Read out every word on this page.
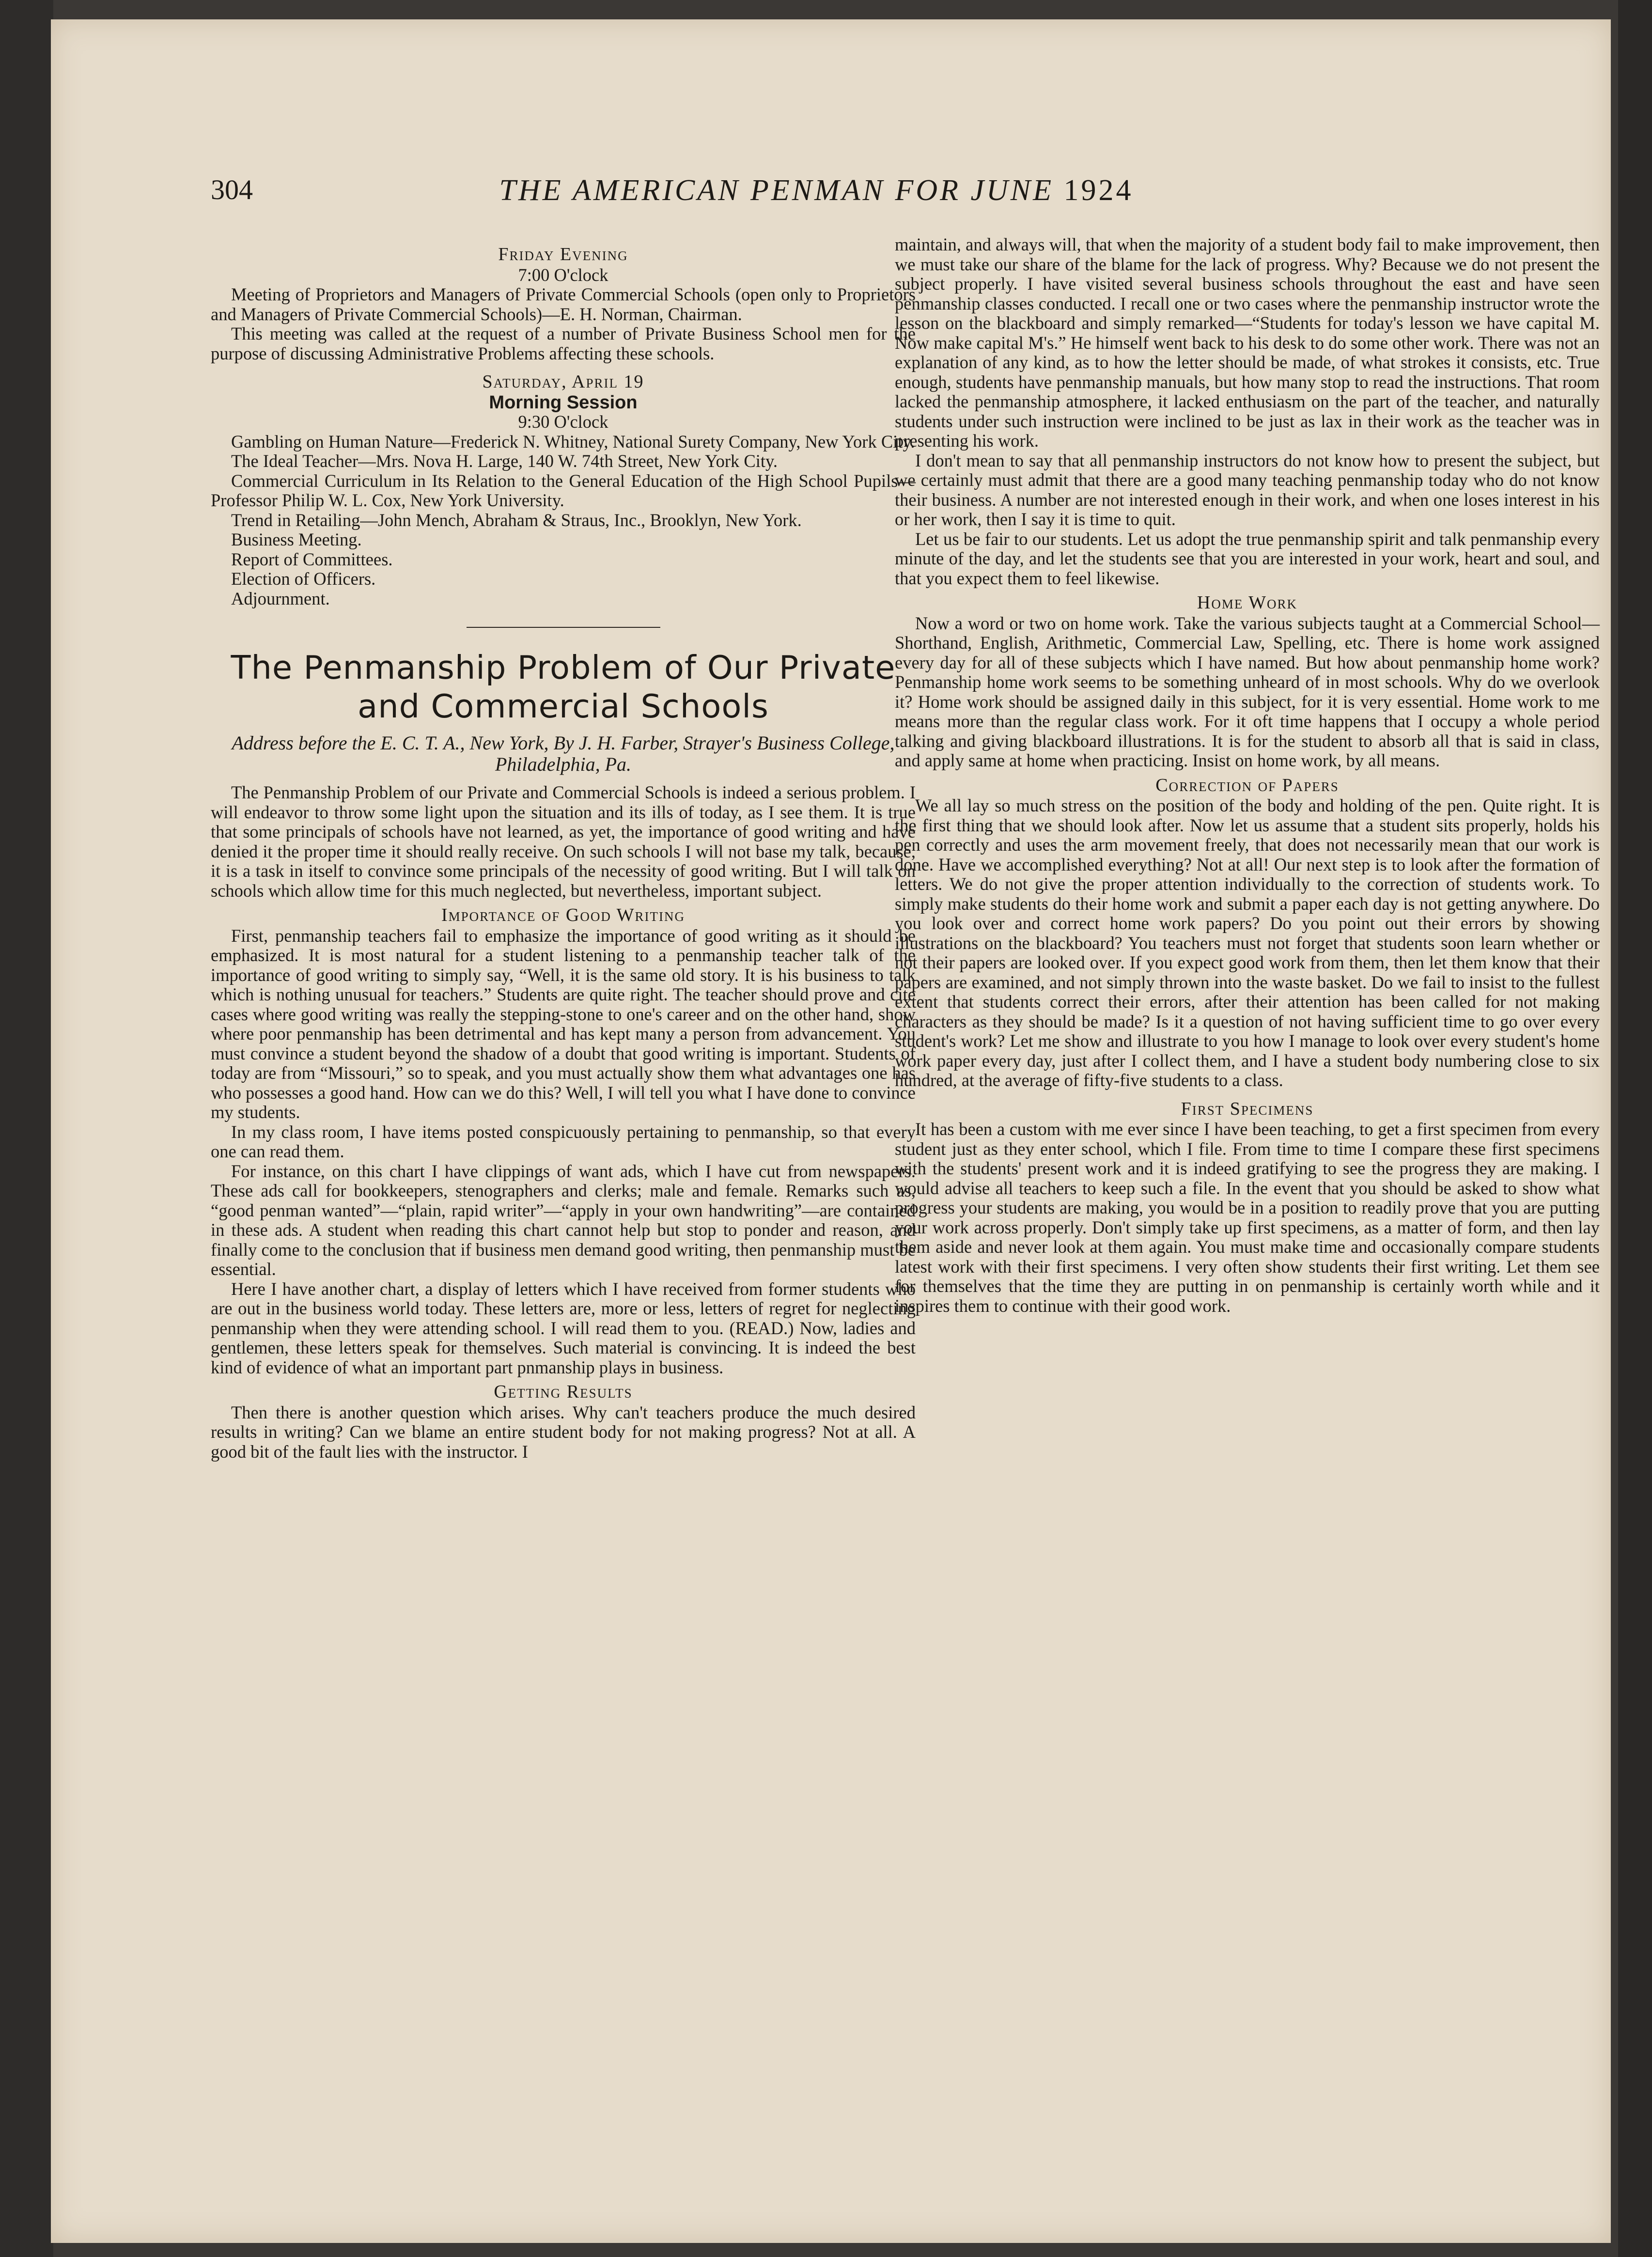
304	THE AMERICAN PENMAN FOR JUNE 1924
Friday Evening
7:00 O'clock

Meeting of Proprietors and Managers of Private Commercial Schools (open only to Proprietors and Managers of Private Commercial Schools)—E. H. Norman, Chairman.

This meeting was called at the request of a number of Private Business School men for the purpose of discussing Administrative Problems affecting these schools.

Saturday, April 19
Morning Session
9:30 O'clock

Gambling on Human Nature—Frederick N. Whitney, National Surety Company, New York City.

The Ideal Teacher—Mrs. Nova H. Large, 140 W. 74th Street, New York City.

Commercial Curriculum in Its Relation to the General Education of the High School Pupils—Professor Philip W. L. Cox, New York University.

Trend in Retailing—John Mench, Abraham & Straus, Inc., Brooklyn, New York.

Business Meeting.

Report of Committees.

Election of Officers.

Adjournment.

The Penmanship Problem of Our Private and Commercial Schools
Address before the E. C. T. A., New York, By J. H. Farber, Strayer's Business College, Philadelphia, Pa.

The Penmanship Problem of our Private and Commercial Schools is indeed a serious problem. I will endeavor to throw some light upon the situation and its ills of today, as I see them. It is true that some principals of schools have not learned, as yet, the importance of good writing and have denied it the proper time it should really receive. On such schools I will not base my talk, because, it is a task in itself to convince some principals of the necessity of good writing. But I will talk on schools which allow time for this much neglected, but nevertheless, important subject.

Importance of Good Writing

First, penmanship teachers fail to emphasize the importance of good writing as it should be emphasized. It is most natural for a student listening to a penmanship teacher talk of the importance of good writing to simply say, “Well, it is the same old story. It is his business to talk which is nothing unusual for teachers.” Students are quite right. The teacher should prove and cite cases where good writing was really the stepping-stone to one's career and on the other hand, show where poor penmanship has been detrimental and has kept many a person from advancement. You must convince a student beyond the shadow of a doubt that good writing is important. Students of today are from “Missouri,” so to speak, and you must actually show them what advantages one has who possesses a good hand. How can we do this? Well, I will tell you what I have done to convince my students.

In my class room, I have items posted conspicuously pertaining to penmanship, so that every one can read them.

For instance, on this chart I have clippings of want ads, which I have cut from newspapers. These ads call for bookkeepers, stenographers and clerks; male and female. Remarks such as, “good penman wanted”—“plain, rapid writer”—“apply in your own handwriting”—are contained in these ads. A student when reading this chart cannot help but stop to ponder and reason, and finally come to the conclusion that if business men demand good writing, then penmanship must be essential.

Here I have another chart, a display of letters which I have received from former students who are out in the business world today. These letters are, more or less, letters of regret for neglecting penmanship when they were attending school. I will read them to you. (READ.) Now, ladies and gentlemen, these letters speak for themselves. Such material is convincing. It is indeed the best kind of evidence of what an important part pnmanship plays in business.

Getting Results

Then there is another question which arises. Why can't teachers produce the much desired results in writing? Can we blame an entire student body for not making progress? Not at all. A good bit of the fault lies with the instructor. I

maintain, and always will, that when the majority of a student body fail to make improvement, then we must take our share of the blame for the lack of progress. Why? Because we do not present the subject properly. I have visited several business schools throughout the east and have seen penmanship classes conducted. I recall one or two cases where the penmanship instructor wrote the lesson on the blackboard and simply remarked—“Students for today's lesson we have capital M. Now make capital M's.” He himself went back to his desk to do some other work. There was not an explanation of any kind, as to how the letter should be made, of what strokes it consists, etc. True enough, students have penmanship manuals, but how many stop to read the instructions. That room lacked the penmanship atmosphere, it lacked enthusiasm on the part of the teacher, and naturally students under such instruction were inclined to be just as lax in their work as the teacher was in presenting his work.

I don't mean to say that all penmanship instructors do not know how to present the subject, but we certainly must admit that there are a good many teaching penmanship today who do not know their business. A number are not interested enough in their work, and when one loses interest in his or her work, then I say it is time to quit.

Let us be fair to our students. Let us adopt the true penmanship spirit and talk penmanship every minute of the day, and let the students see that you are interested in your work, heart and soul, and that you expect them to feel likewise.

Home Work

Now a word or two on home work. Take the various subjects taught at a Commercial School—Shorthand, English, Arithmetic, Commercial Law, Spelling, etc. There is home work assigned every day for all of these subjects which I have named. But how about penmanship home work? Penmanship home work seems to be something unheard of in most schools. Why do we overlook it? Home work should be assigned daily in this subject, for it is very essential. Home work to me means more than the regular class work. For it oft time happens that I occupy a whole period talking and giving blackboard illustrations. It is for the student to absorb all that is said in class, and apply same at home when practicing. Insist on home work, by all means.

Correction of Papers

We all lay so much stress on the position of the body and holding of the pen. Quite right. It is the first thing that we should look after. Now let us assume that a student sits properly, holds his pen correctly and uses the arm movement freely, that does not necessarily mean that our work is done. Have we accomplished everything? Not at all! Our next step is to look after the formation of letters. We do not give the proper attention individually to the correction of students work. To simply make students do their home work and submit a paper each day is not getting anywhere. Do you look over and correct home work papers? Do you point out their errors by showing illustrations on the blackboard? You teachers must not forget that students soon learn whether or not their papers are looked over. If you expect good work from them, then let them know that their papers are examined, and not simply thrown into the waste basket. Do we fail to insist to the fullest extent that students correct their errors, after their attention has been called for not making characters as they should be made? Is it a question of not having sufficient time to go over every student's work? Let me show and illustrate to you how I manage to look over every student's home work paper every day, just after I collect them, and I have a student body numbering close to six hundred, at the average of fifty-five students to a class.

First Specimens

It has been a custom with me ever since I have been teaching, to get a first specimen from every student just as they enter school, which I file. From time to time I compare these first specimens with the students' present work and it is indeed gratifying to see the progress they are making. I would advise all teachers to keep such a file. In the event that you should be asked to show what progress your students are making, you would be in a position to readily prove that you are putting your work across properly. Don't simply take up first specimens, as a matter of form, and then lay them aside and never look at them again. You must make time and occasionally compare students latest work with their first specimens. I very often show students their first writing. Let them see for themselves that the time they are putting in on penmanship is certainly worth while and it inspires them to continue with their good work.
